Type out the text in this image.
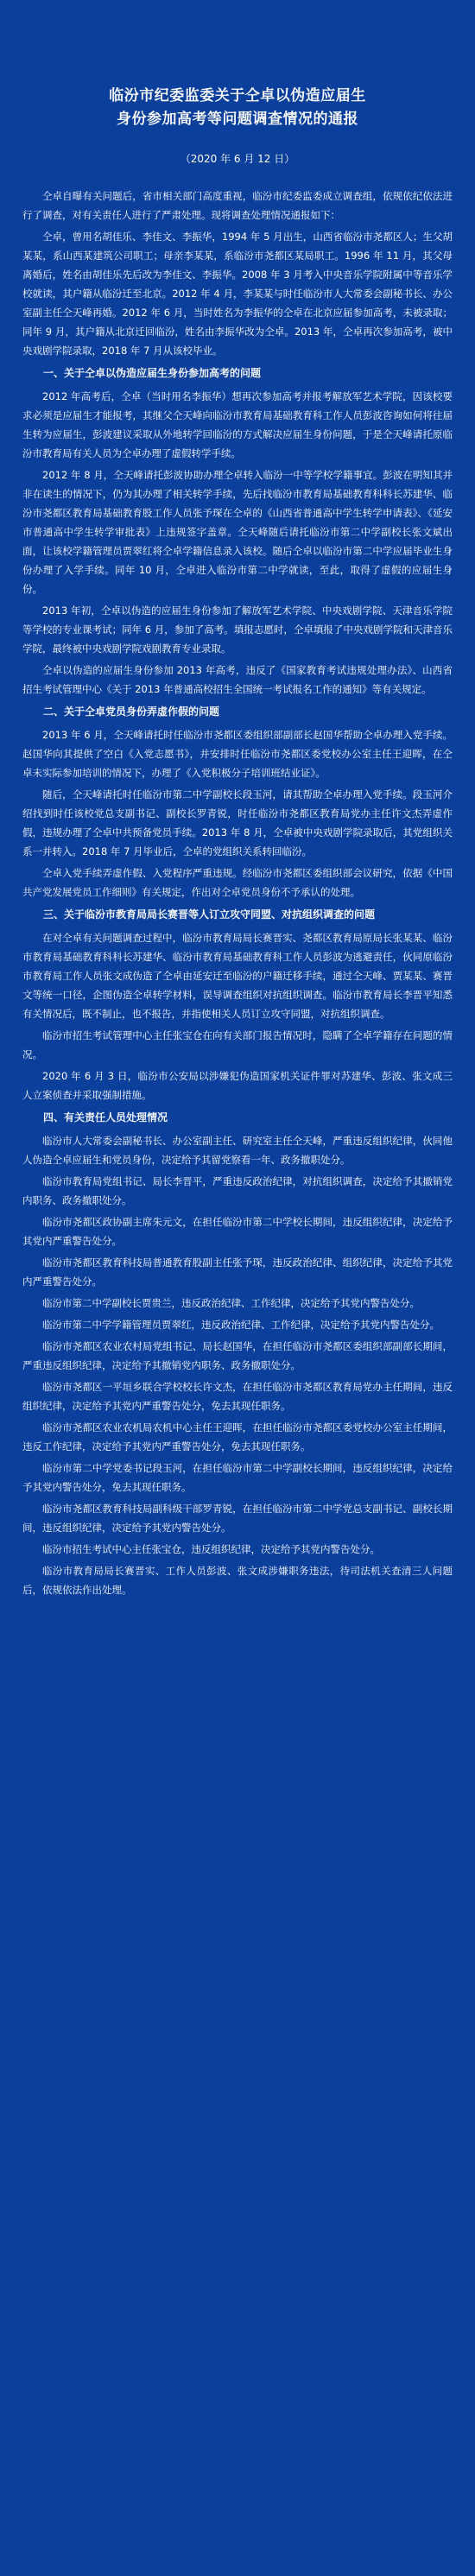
临汾市纪委监委关于仝卓以伪造应届生
身份参加高考等问题调查情况的通报
（2020 年 6 月 12 日）

仝卓自曝有关问题后，省市相关部门高度重视，临汾市纪委监委成立调查组，依规依纪依法进行了调查，对有关责任人进行了严肃处理。现将调查处理情况通报如下：

仝卓，曾用名胡佳乐、李佳文、李振华，1994 年 5 月出生，山西省临汾市尧都区人；生父胡某某，系山西某建筑公司职工；母亲李某某，系临汾市尧都区某局职工。1996 年 11 月，其父母离婚后，姓名由胡佳乐先后改为李佳文、李振华。2008 年 3 月考入中央音乐学院附属中等音乐学校就读，其户籍从临汾迁至北京。2012 年 4 月，李某某与时任临汾市人大常委会副秘书长、办公室副主任仝天峰再婚。2012 年 6 月，当时姓名为李振华的仝卓在北京应届参加高考，未被录取；同年 9 月，其户籍从北京迁回临汾，姓名由李振华改为仝卓。2013 年，仝卓再次参加高考，被中央戏剧学院录取，2018 年 7 月从该校毕业。

一、关于仝卓以伪造应届生身份参加高考的问题

2012 年高考后，仝卓（当时用名李振华）想再次参加高考并报考解放军艺术学院，因该校要求必须是应届生才能报考，其继父仝天峰向临汾市教育局基础教育科工作人员彭波咨询如何将往届生转为应届生，彭波建议采取从外地转学回临汾的方式解决应届生身份问题，于是仝天峰请托原临汾市教育局有关人员为仝卓办理了虚假转学手续。

2012 年 8 月，仝天峰请托彭波协助办理仝卓转入临汾一中等学校学籍事宜。彭波在明知其并非在读生的情况下，仍为其办理了相关转学手续，先后找临汾市教育局基础教育科科长苏建华、临汾市尧都区教育局基础教育股工作人员张予琛在仝卓的《山西省普通高中学生转学申请表》、《延安市普通高中学生转学审批表》上违规签字盖章。仝天峰随后请托临汾市第二中学副校长张文斌出面，让该校学籍管理员贾翠红将仝卓学籍信息录入该校。随后仝卓以临汾市第二中学应届毕业生身份办理了入学手续。同年 10 月，仝卓进入临汾市第二中学就读，至此，取得了虚假的应届生身份。

2013 年初，仝卓以伪造的应届生身份参加了解放军艺术学院、中央戏剧学院、天津音乐学院等学校的专业课考试；同年 6 月，参加了高考。填报志愿时，仝卓填报了中央戏剧学院和天津音乐学院，最终被中央戏剧学院戏剧教育专业录取。

仝卓以伪造的应届生身份参加 2013 年高考，违反了《国家教育考试违规处理办法》、山西省招生考试管理中心《关于 2013 年普通高校招生全国统一考试报名工作的通知》等有关规定。

二、关于仝卓党员身份弄虚作假的问题

2013 年 6 月，仝天峰请托时任临汾市尧都区委组织部副部长赵国华帮助仝卓办理入党手续。赵国华向其提供了空白《入党志愿书》，并安排时任临汾市尧都区委党校办公室主任王迎晖，在仝卓未实际参加培训的情况下，办理了《入党积极分子培训班结业证》。

随后，仝天峰请托时任临汾市第二中学副校长段玉河，请其帮助仝卓办理入党手续。段玉河介绍找到时任该校党总支副书记、副校长罗青锐，时任临汾市尧都区教育局党办主任许文杰弄虚作假，违规办理了仝卓中共预备党员手续。2013 年 8 月，仝卓被中央戏剧学院录取后，其党组织关系一并转入。2018 年 7 月毕业后，仝卓的党组织关系转回临汾。

仝卓入党手续弄虚作假、入党程序严重违规。经临汾市尧都区委组织部会议研究，依据《中国共产党发展党员工作细则》有关规定，作出对仝卓党员身份不予承认的处理。

三、关于临汾市教育局局长赛晋等人订立攻守同盟、对抗组织调查的问题

在对仝卓有关问题调查过程中，临汾市教育局局长赛晋实、尧都区教育局原局长张某某、临汾市教育局基础教育科科长苏建华、临汾市教育局基础教育科工作人员彭波为逃避责任，伙同原临汾市教育局工作人员张文成伪造了仝卓由延安迁至临汾的户籍迁移手续，通过仝天峰、贾某某、赛晋文等统一口径，企图伪造仝卓转学材料，误导调查组织对抗组织调查。临汾市教育局长李晋平知悉有关情况后，既不制止，也不报告，并指使相关人员订立攻守同盟，对抗组织调查。

临汾市招生考试管理中心主任张宝仓在向有关部门报告情况时，隐瞒了仝卓学籍存在问题的情况。

2020 年 6 月 3 日，临汾市公安局以涉嫌犯伪造国家机关证件罪对苏建华、彭波、张文成三人立案侦查并采取强制措施。

四、有关责任人员处理情况

临汾市人大常委会副秘书长、办公室副主任、研究室主任仝天峰，严重违反组织纪律，伙同他人伪造仝卓应届生和党员身份，决定给予其留党察看一年、政务撤职处分。

临汾市教育局党组书记、局长李晋平，严重违反政治纪律，对抗组织调查，决定给予其撤销党内职务、政务撤职处分。

临汾市尧都区政协副主席朱元文，在担任临汾市第二中学校长期间，违反组织纪律，决定给予其党内严重警告处分。

临汾市尧都区教育科技局普通教育股副主任张予琛，违反政治纪律、组织纪律，决定给予其党内严重警告处分。

临汾市第二中学副校长贾贵兰，违反政治纪律、工作纪律，决定给予其党内警告处分。

临汾市第二中学学籍管理员贾翠红，违反政治纪律、工作纪律，决定给予其党内警告处分。

临汾市尧都区农业农村局党组书记、局长赵国华，在担任临汾市尧都区委组织部副部长期间，严重违反组织纪律，决定给予其撤销党内职务、政务撤职处分。

临汾市尧都区一平垣乡联合学校校长许文杰，在担任临汾市尧都区教育局党办主任期间，违反组织纪律，决定给予其党内严重警告处分，免去其现任职务。

临汾市尧都区农业农机局农机中心主任王迎晖，在担任临汾市尧都区委党校办公室主任期间，违反工作纪律，决定给予其党内严重警告处分，免去其现任职务。

临汾市第二中学党委书记段玉河，在担任临汾市第二中学副校长期间，违反组织纪律，决定给予其党内警告处分，免去其现任职务。

临汾市尧都区教育科技局副科级干部罗青锐，在担任临汾市第二中学党总支副书记、副校长期间，违反组织纪律，决定给予其党内警告处分。

临汾市招生考试中心主任张宝仓，违反组织纪律，决定给予其党内警告处分。

临汾市教育局局长赛晋实、工作人员彭波、张文成涉嫌职务违法，待司法机关查清三人问题后，依规依法作出处理。
